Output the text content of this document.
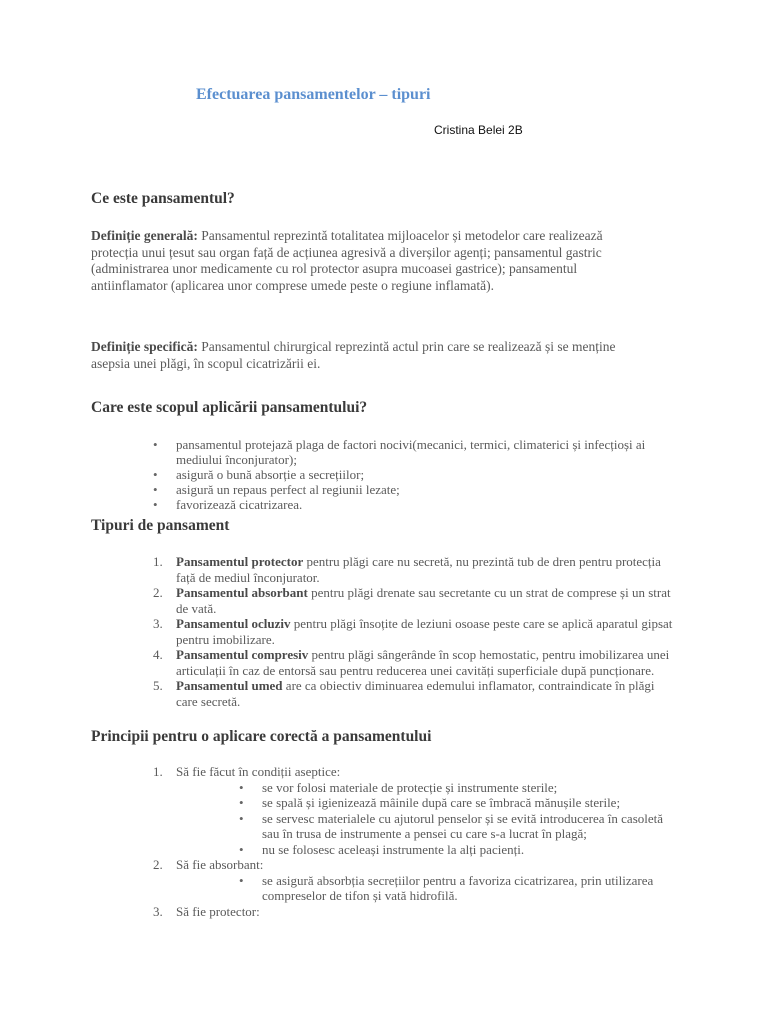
Efectuarea pansamentelor – tipuri
Cristina Belei 2B
Ce este pansamentul?

Definiție generală: Pansamentul reprezintă totalitatea mijloacelor și metodelor care realizează protecția unui țesut sau organ față de acțiunea agresivă a diverșilor agenți; pansamentul gastric (administrarea unor medicamente cu rol protector asupra mucoasei gastrice); pansamentul antiinflamator (aplicarea unor comprese umede peste o regiune inflamată).

Definiție specifică: Pansamentul chirurgical reprezintă actul prin care se realizează și se menține asepsia unei plăgi, în scopul cicatrizării ei.

Care este scopul aplicării pansamentului?
• pansamentul protejază plaga de factori nocivi(mecanici, termici, climaterici și infecțioși ai mediului înconjurator);
• asigură o bună absorție a secrețiilor;
• asigură un repaus perfect al regiunii lezate;
• favorizează cicatrizarea.
Tipuri de pansament
1. Pansamentul protector pentru plăgi care nu secretă, nu prezintă tub de dren pentru protecția față de mediul înconjurator.
2. Pansamentul absorbant pentru plăgi drenate sau secretante cu un strat de comprese și un strat de vată.
3. Pansamentul ocluziv pentru plăgi însoțite de leziuni osoase peste care se aplică aparatul gipsat pentru imobilizare.
4. Pansamentul compresiv pentru plăgi sângerânde în scop hemostatic, pentru imobilizarea unei articulații în caz de entorsă sau pentru reducerea unei cavități superficiale după puncționare.
5. Pansamentul umed are ca obiectiv diminuarea edemului inflamator, contraindicate în plăgi care secretă.
Principii pentru o aplicare corectă a pansamentului
1. Să fie făcut în condiții aseptice:
• se vor folosi materiale de protecție și instrumente sterile;
• se spală și igienizează mâinile după care se îmbracă mănușile sterile;
• se servesc materialele cu ajutorul penselor și se evită introducerea în casoletă sau în trusa de instrumente a pensei cu care s-a lucrat în plagă;
• nu se folosesc aceleași instrumente la alți pacienți.
2. Să fie absorbant:
• se asigură absorbția secrețiilor pentru a favoriza cicatrizarea, prin utilizarea compreselor de tifon și vată hidrofilă.
3. Să fie protector:
